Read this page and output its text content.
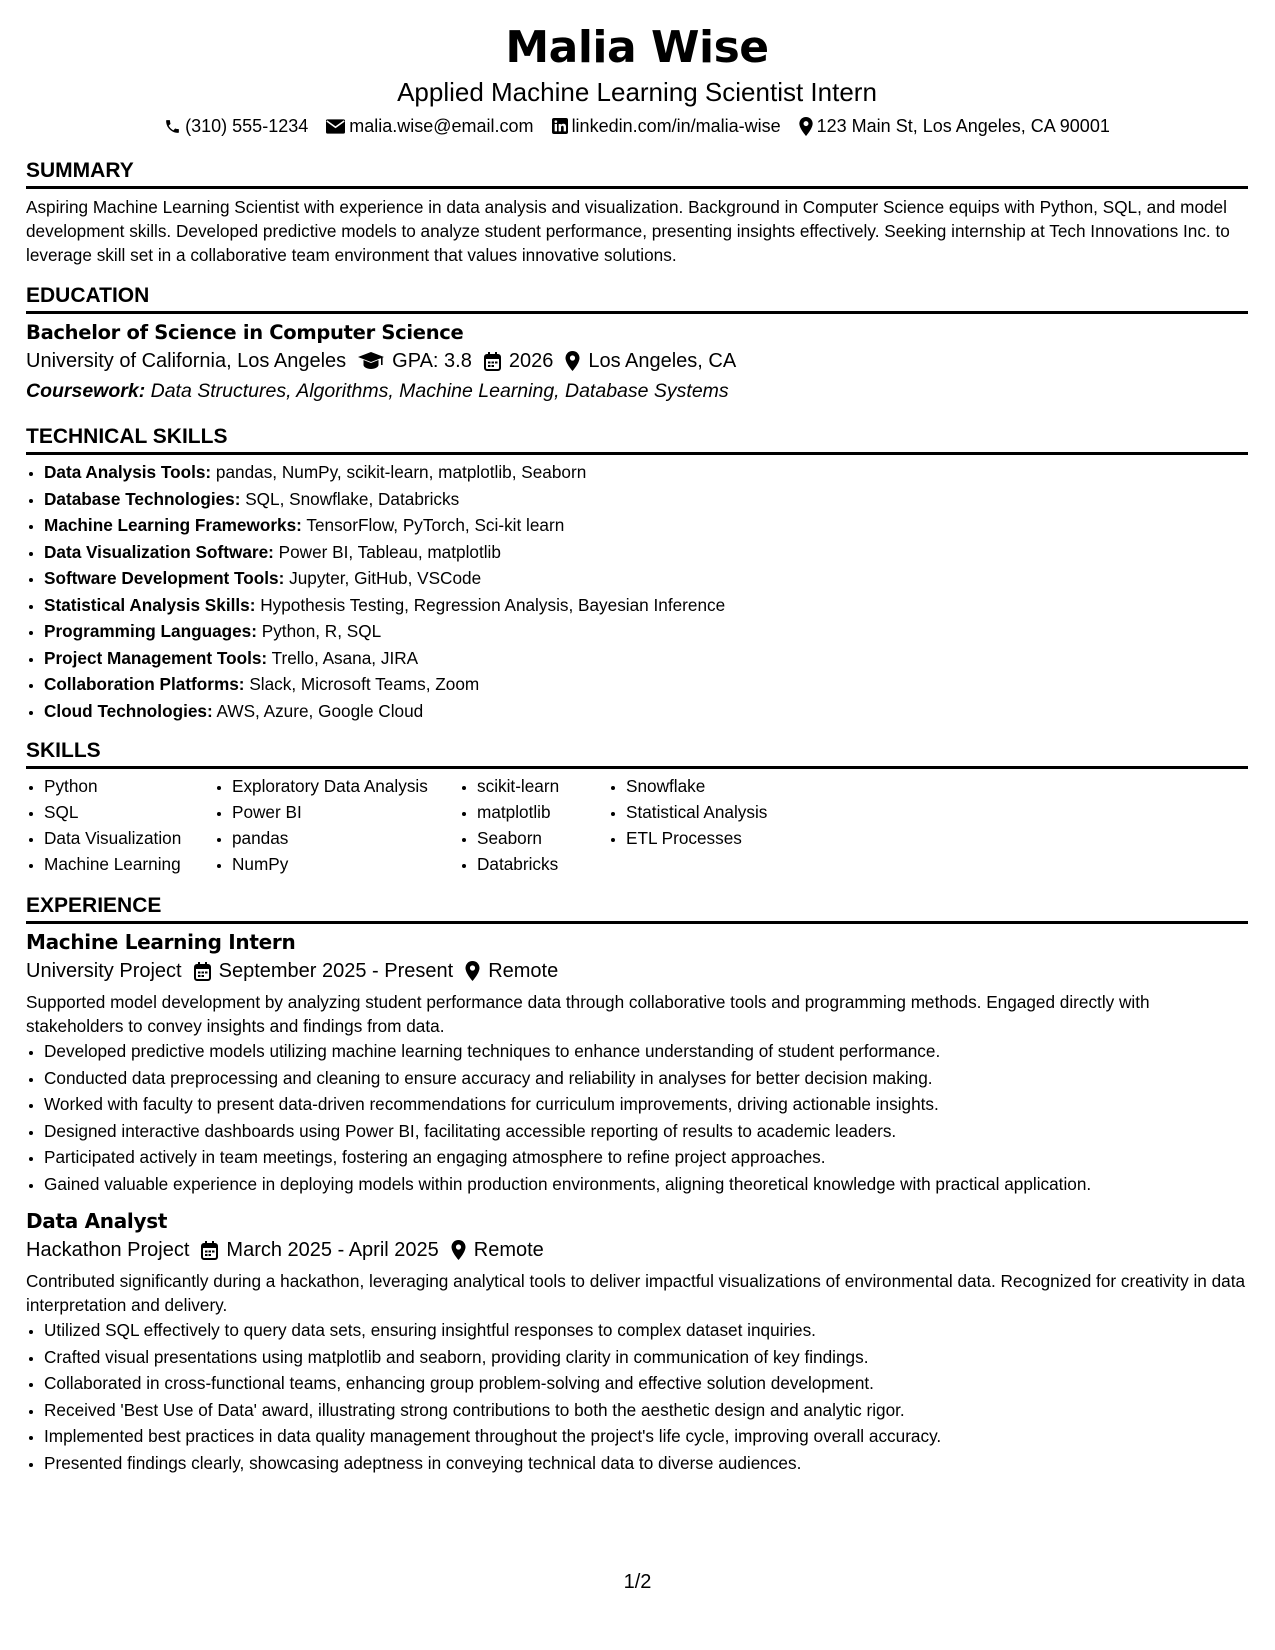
Malia Wise
Applied Machine Learning Scientist Intern
(310) 555-1234 malia.wise@email.com linkedin.com/in/malia-wise 123 Main St, Los Angeles, CA 90001
SUMMARY
Aspiring Machine Learning Scientist with experience in data analysis and visualization. Background in Computer Science equips with Python, SQL, and model development skills. Developed predictive models to analyze student performance, presenting insights effectively. Seeking internship at Tech Innovations Inc. to leverage skill set in a collaborative team environment that values innovative solutions.
EDUCATION
Bachelor of Science in Computer Science
University of California, Los Angeles GPA: 3.8 2026 Los Angeles, CA
Coursework: Data Structures, Algorithms, Machine Learning, Database Systems
TECHNICAL SKILLS
• Data Analysis Tools: pandas, NumPy, scikit-learn, matplotlib, Seaborn
• Database Technologies: SQL, Snowflake, Databricks
• Machine Learning Frameworks: TensorFlow, PyTorch, Sci-kit learn
• Data Visualization Software: Power BI, Tableau, matplotlib
• Software Development Tools: Jupyter, GitHub, VSCode
• Statistical Analysis Skills: Hypothesis Testing, Regression Analysis, Bayesian Inference
• Programming Languages: Python, R, SQL
• Project Management Tools: Trello, Asana, JIRA
• Collaboration Platforms: Slack, Microsoft Teams, Zoom
• Cloud Technologies: AWS, Azure, Google Cloud
SKILLS
• Python
• SQL
• Data Visualization
• Machine Learning
• Exploratory Data Analysis
• Power BI
• pandas
• NumPy
• scikit-learn
• matplotlib
• Seaborn
• Databricks
• Snowflake
• Statistical Analysis
• ETL Processes
EXPERIENCE
Machine Learning Intern
University Project September 2025 - Present Remote
Supported model development by analyzing student performance data through collaborative tools and programming methods. Engaged directly with stakeholders to convey insights and findings from data.
• Developed predictive models utilizing machine learning techniques to enhance understanding of student performance.
• Conducted data preprocessing and cleaning to ensure accuracy and reliability in analyses for better decision making.
• Worked with faculty to present data-driven recommendations for curriculum improvements, driving actionable insights.
• Designed interactive dashboards using Power BI, facilitating accessible reporting of results to academic leaders.
• Participated actively in team meetings, fostering an engaging atmosphere to refine project approaches.
• Gained valuable experience in deploying models within production environments, aligning theoretical knowledge with practical application.
Data Analyst
Hackathon Project March 2025 - April 2025 Remote
Contributed significantly during a hackathon, leveraging analytical tools to deliver impactful visualizations of environmental data. Recognized for creativity in data interpretation and delivery.
• Utilized SQL effectively to query data sets, ensuring insightful responses to complex dataset inquiries.
• Crafted visual presentations using matplotlib and seaborn, providing clarity in communication of key findings.
• Collaborated in cross-functional teams, enhancing group problem-solving and effective solution development.
• Received 'Best Use of Data' award, illustrating strong contributions to both the aesthetic design and analytic rigor.
• Implemented best practices in data quality management throughout the project's life cycle, improving overall accuracy.
• Presented findings clearly, showcasing adeptness in conveying technical data to diverse audiences.
1/2
